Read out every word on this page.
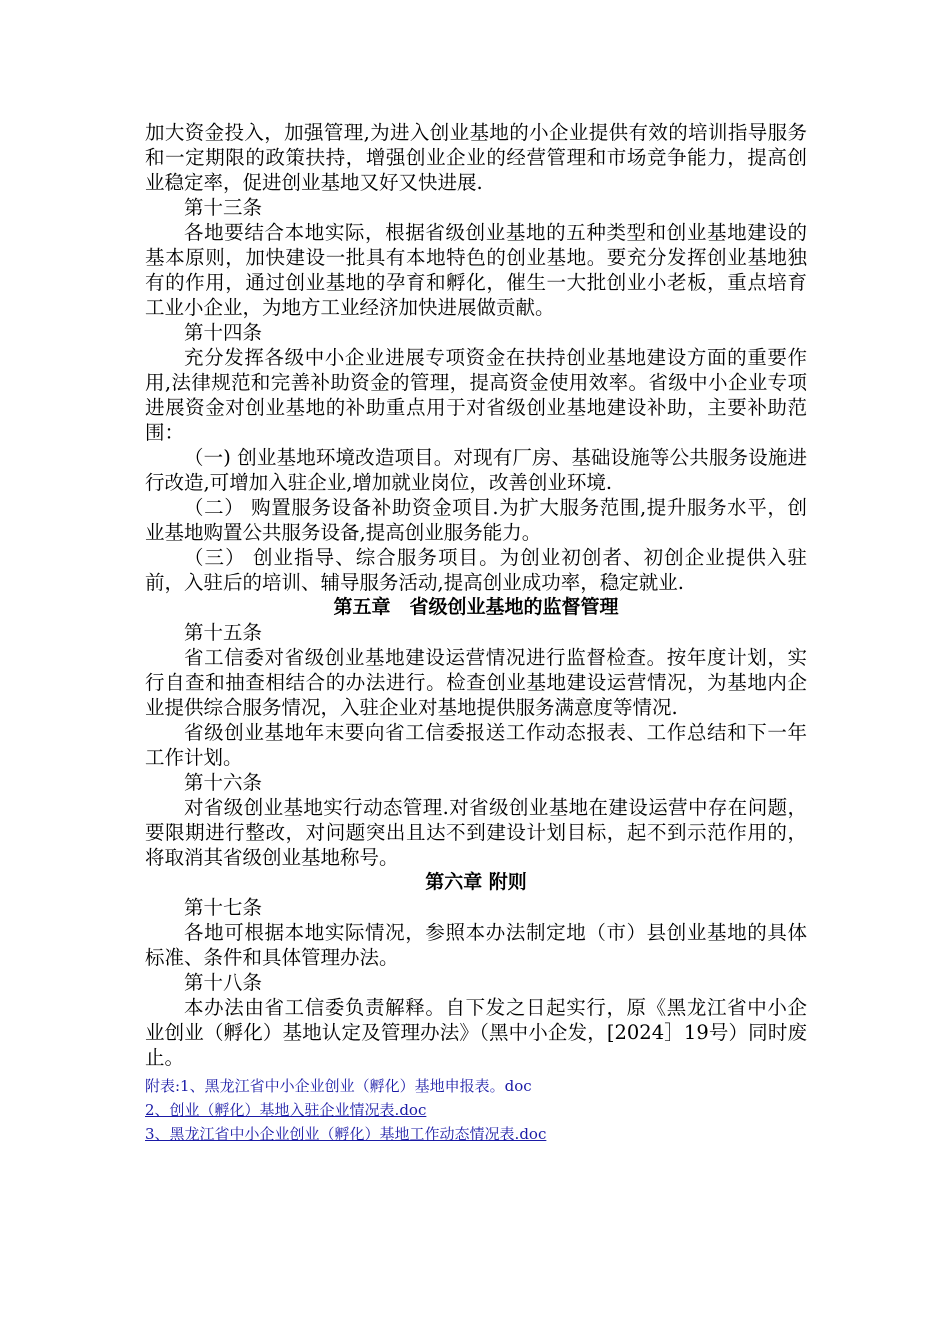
加大资金投入，加强管理,为进入创业基地的小企业提供有效的培训指导服务和一定期限的政策扶持，增强创业企业的经营管理和市场竞争能力，提高创业稳定率，促进创业基地又好又快进展.

第十三条

各地要结合本地实际，根据省级创业基地的五种类型和创业基地建设的基本原则，加快建设一批具有本地特色的创业基地。要充分发挥创业基地独有的作用，通过创业基地的孕育和孵化，催生一大批创业小老板，重点培育工业小企业，为地方工业经济加快进展做贡献。

第十四条

充分发挥各级中小企业进展专项资金在扶持创业基地建设方面的重要作用,法律规范和完善补助资金的管理，提高资金使用效率。省级中小企业专项进展资金对创业基地的补助重点用于对省级创业基地建设补助，主要补助范围：

（一) 创业基地环境改造项目。对现有厂房、基础设施等公共服务设施进行改造,可增加入驻企业,增加就业岗位，改善创业环境.

（二） 购置服务设备补助资金项目.为扩大服务范围,提升服务水平，创业基地购置公共服务设备,提高创业服务能力。

（三） 创业指导、综合服务项目。为创业初创者、初创企业提供入驻前，入驻后的培训、辅导服务活动,提高创业成功率，稳定就业.

第五章　省级创业基地的监督管理

第十五条

省工信委对省级创业基地建设运营情况进行监督检查。按年度计划，实行自查和抽查相结合的办法进行。检查创业基地建设运营情况，为基地内企业提供综合服务情况，入驻企业对基地提供服务满意度等情况.

省级创业基地年末要向省工信委报送工作动态报表、工作总结和下一年工作计划。

第十六条

对省级创业基地实行动态管理.对省级创业基地在建设运营中存在问题，要限期进行整改，对问题突出且达不到建设计划目标，起不到示范作用的，将取消其省级创业基地称号。

第六章 附则

第十七条

各地可根据本地实际情况，参照本办法制定地（市）县创业基地的具体标准、条件和具体管理办法。

第十八条

本办法由省工信委负责解释。自下发之日起实行，原《黑龙江省中小企业创业（孵化）基地认定及管理办法》（黑中小企发，[2024］19号）同时废止。

附表:1、黑龙江省中小企业创业（孵化）基地申报表。doc
2、创业（孵化）基地入驻企业情况表.doc
3、黑龙江省中小企业创业（孵化）基地工作动态情况表.doc
